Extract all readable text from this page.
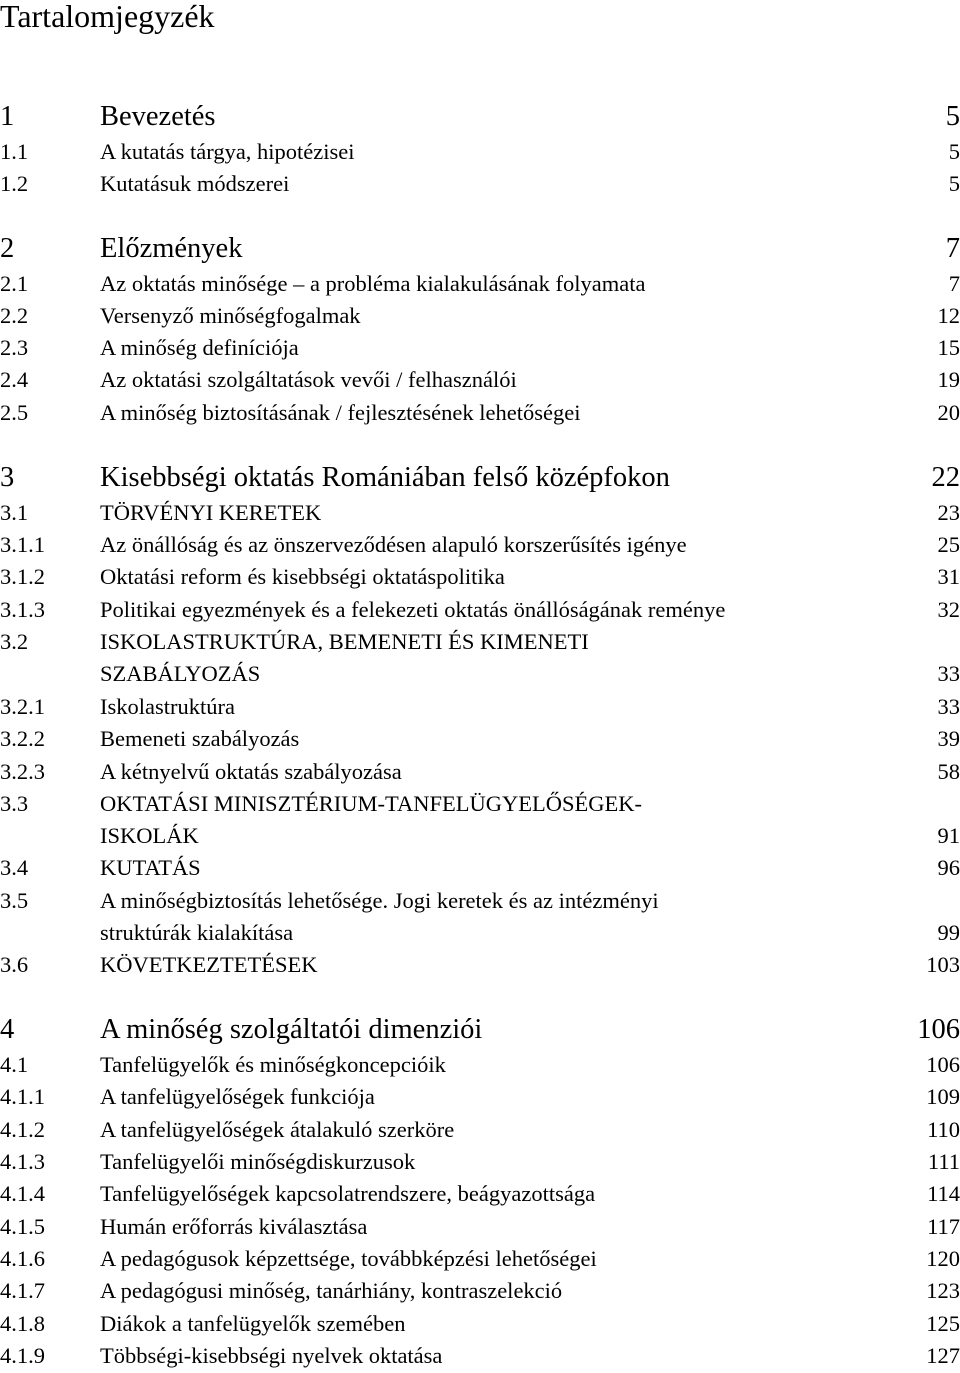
Tartalomjegyzék
1	Bevezetés	5
1.1	A kutatás tárgya, hipotézisei	5
1.2	Kutatásuk módszerei	5
2	Előzmények	7
2.1	Az oktatás minősége – a probléma kialakulásának folyamata	7
2.2	Versenyző minőségfogalmak	12
2.3	A minőség definíciója	15
2.4	Az oktatási szolgáltatások vevői / felhasználói	19
2.5	A minőség biztosításának / fejlesztésének lehetőségei	20
3	Kisebbségi oktatás Romániában felső középfokon	22
3.1	TÖRVÉNYI KERETEK	23
3.1.1 Az önállóság és az önszerveződésen alapuló korszerűsítés igénye	25
3.1.2 Oktatási reform és kisebbségi oktatáspolitika	31
3.1.3 Politikai egyezmények és a felekezeti oktatás önállóságának reménye	32
3.2	ISKOLASTRUKTÚRA, BEMENETI ÉS KIMENETI
SZABÁLYOZÁS	33
3.2.1 Iskolastruktúra	33
3.2.2 Bemeneti szabályozás	39
3.2.3 A kétnyelvű oktatás szabályozása	58
3.3	OKTATÁSI MINISZTÉRIUM-TANFELÜGYELŐSÉGEK-
ISKOLÁK	91
3.4	KUTATÁS	96
3.5	A minőségbiztosítás lehetősége. Jogi keretek és az intézményi
struktúrák kialakítása	99
3.6	KÖVETKEZTETÉSEK	103
4	A minőség szolgáltatói dimenziói	106
4.1	Tanfelügyelők és minőségkoncepcióik	106
4.1.1 A tanfelügyelőségek funkciója	109
4.1.2 A tanfelügyelőségek átalakuló szerköre	110
4.1.3 Tanfelügyelői minőségdiskurzusok	111
4.1.4 Tanfelügyelőségek kapcsolatrendszere, beágyazottsága	114
4.1.5 Humán erőforrás kiválasztása	117
4.1.6 A pedagógusok képzettsége, továbbképzési lehetőségei	120
4.1.7 A pedagógusi minőség, tanárhiány, kontraszelekció	123
4.1.8 Diákok a tanfelügyelők szemében	125
4.1.9 Többségi-kisebbségi nyelvek oktatása	127
